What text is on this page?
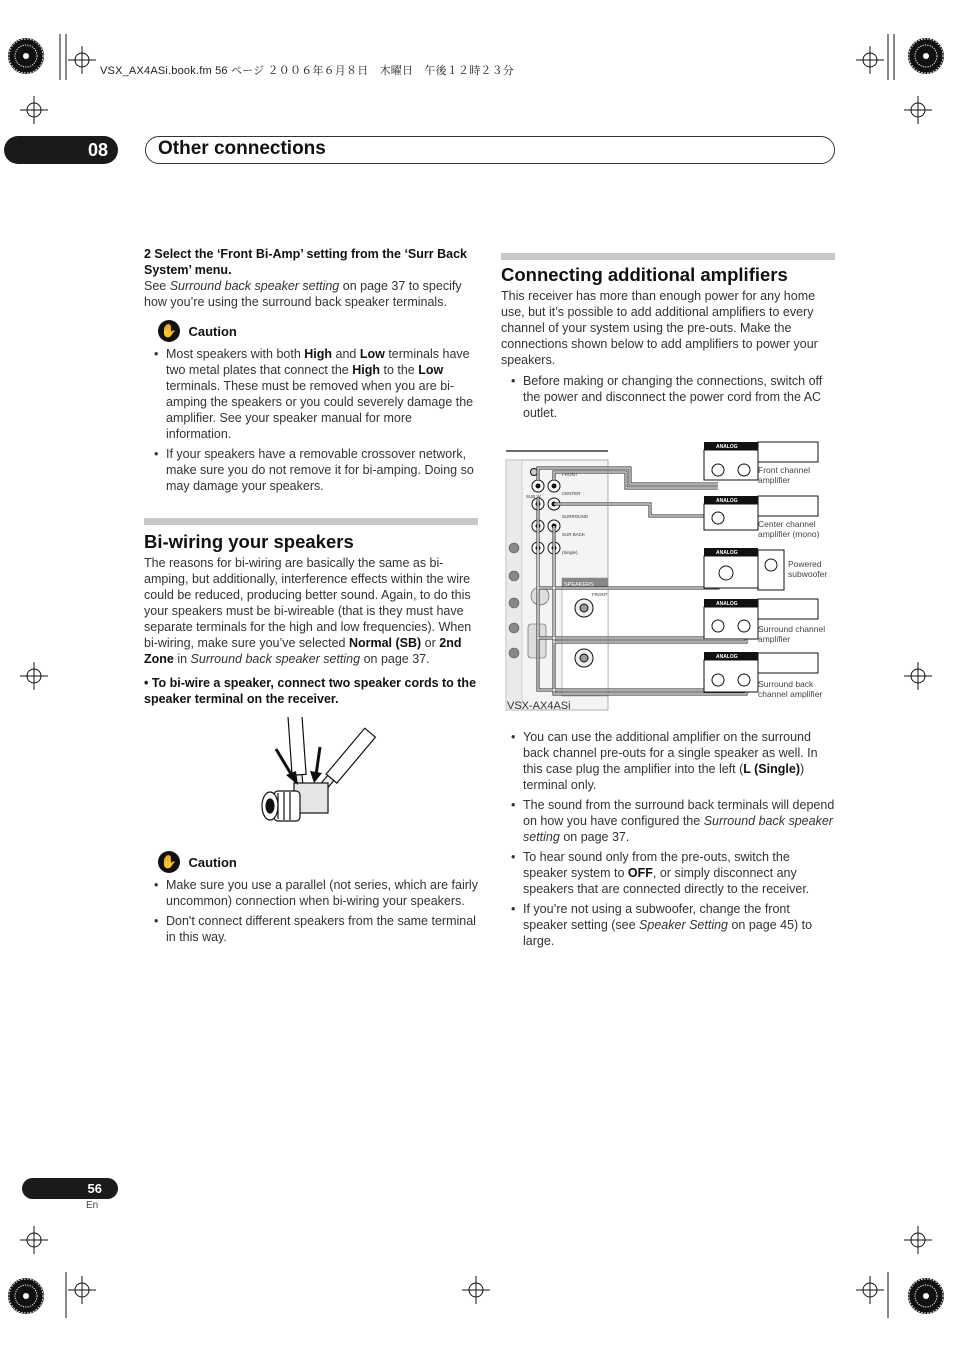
VSX_AX4ASi.book.fm 56 ページ ２００６年６月８日　木曜日　午後１２時２３分
08	Other connections
2 Select the ‘Front Bi-Amp’ setting from the ‘Surr Back System’ menu.
See Surround back speaker setting on page 37 to specify how you’re using the surround back speaker terminals.
✋ Caution
• Most speakers with both High and Low terminals have two metal plates that connect the High to the Low terminals. These must be removed when you are bi-amping the speakers or you could severely damage the amplifier. See your speaker manual for more information.
• If your speakers have a removable crossover network, make sure you do not remove it for bi-amping. Doing so may damage your speakers.
Bi-wiring your speakers
The reasons for bi-wiring are basically the same as bi-amping, but additionally, interference effects within the wire could be reduced, producing better sound. Again, to do this your speakers must be bi-wireable (that is they must have separate terminals for the high and low frequencies). When bi-wiring, make sure you’ve selected Normal (SB) or 2nd Zone in Surround back speaker setting on page 37.
• To bi-wire a speaker, connect two speaker cords to the speaker terminal on the receiver.
✋ Caution
• Make sure you use a parallel (not series, which are fairly uncommon) connection when bi-wiring your speakers.
• Don't connect different speakers from the same terminal in this way.
Connecting additional amplifiers
This receiver has more than enough power for any home use, but it’s possible to add additional amplifiers to every channel of your system using the pre-outs. Make the connections shown below to add amplifiers to power your speakers.
• Before making or changing the connections, switch off the power and disconnect the power cord from the AC outlet.
SPEAKERS
FRONT
CENTER
SURROUND
SUR BACK
(Single)
SUB W.
FRONT
ANALOG
ANALOG
ANALOG
ANALOG
ANALOG
Front channel amplifier
Center channel amplifier (mono)
Powered subwoofer
Surround channel amplifier
Surround back channel amplifier
VSX-AX4ASi
• You can use the additional amplifier on the surround back channel pre-outs for a single speaker as well. In this case plug the amplifier into the left (L (Single)) terminal only.
• The sound from the surround back terminals will depend on how you have configured the Surround back speaker setting on page 37.
• To hear sound only from the pre-outs, switch the speaker system to OFF, or simply disconnect any speakers that are connected directly to the receiver.
• If you’re not using a subwoofer, change the front speaker setting (see Speaker Setting on page 45) to large.
56
En
